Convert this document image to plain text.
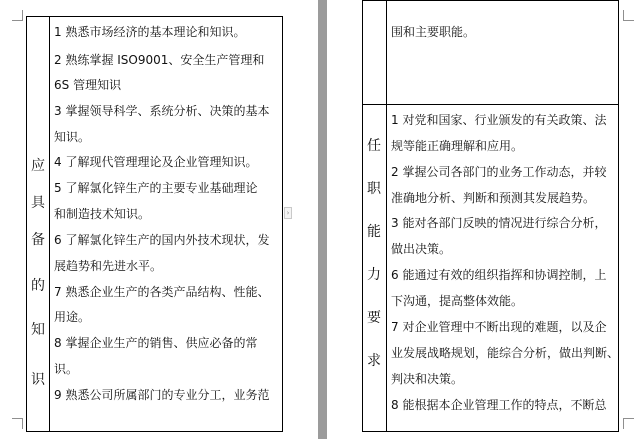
应
具
备
的
知
识
1 熟悉市场经济的基本理论和知识。
2 熟练掌握 ISO9001、安全生产管理和
6S 管理知识
3 掌握领导科学、系统分析、决策的基本
知识。
4 了解现代管理理论及企业管理知识。
5 了解氯化锌生产的主要专业基础理论
和制造技术知识。
6 了解氯化锌生产的国内外技术现状，发
展趋势和先进水平。
7 熟悉企业生产的各类产品结构、性能、
用途。
8 掌握企业生产的销售、供应必备的常
识。
9 熟悉公司所属部门的专业分工，业务范
›
任
职
能
力
要
求
围和主要职能。
1 对党和国家、行业颁发的有关政策、法
规等能正确理解和应用。
2 掌握公司各部门的业务工作动态，并较
准确地分析、判断和预测其发展趋势。
3 能对各部门反映的情况进行综合分析，
做出决策。
6 能通过有效的组织指挥和协调控制，上
下沟通，提高整体效能。
7 对企业管理中不断出现的难题，以及企
业发展战略规划，能综合分析，做出判断、
判决和决策。
8 能根据本企业管理工作的特点，不断总
